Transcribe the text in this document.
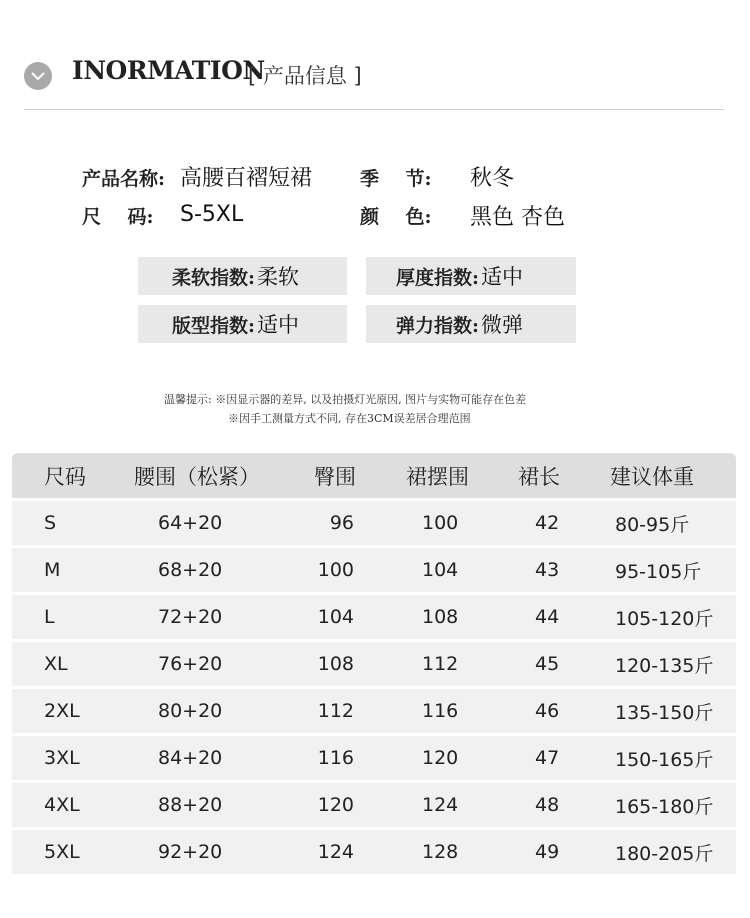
INORMATION
[ 产品信息 ]
产品名称: 高腰百褶短裙	季    节: 秋冬
尺    码: S-5XL	颜    色: 黑色 杏色
柔软指数: 柔软	厚度指数: 适中
版型指数: 适中	弹力指数: 微弹
温馨提示: ※因显示器的差异, 以及拍摄灯光原因, 图片与实物可能存在色差
※因手工测量方式不同, 存在3CM误差居合理范围
尺码 腰围（松紧）	臀围 裙摆围 裙长 建议体重
S	64+20	96	100	42	80-95斤
M	68+20	100	104	43	95-105斤
L	72+20	104	108	44	105-120斤
XL	76+20	108	112	45	120-135斤
2XL	80+20	112	116	46	135-150斤
3XL	84+20	116	120	47	150-165斤
4XL	88+20	120	124	48	165-180斤
5XL	92+20	124	128	49	180-205斤
